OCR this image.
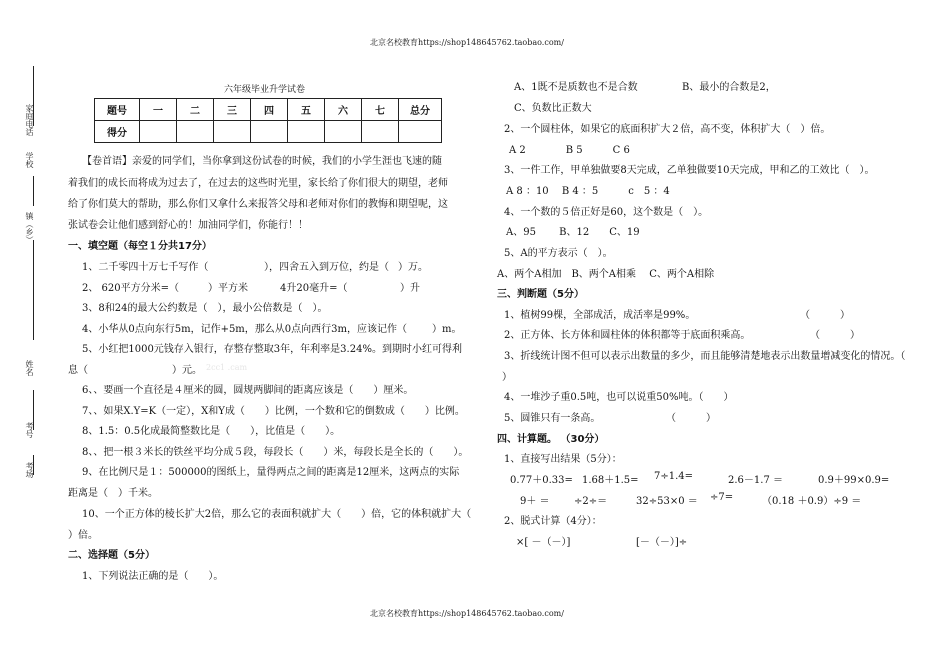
北京名校教育https://shop148645762.taobao.com/
北京名校教育https://shop148645762.taobao.com/
家庭电话
学校
镇（乡）
姓名
考号
考场
六年级毕业升学试卷
题号	一	二	三	四	五	六	七	总分
得分								
【卷首语】亲爱的同学们，当你拿到这份试卷的时候，我们的小学生涯也飞速的随
着我们的成长而将成为过去了，在过去的这些时光里，家长给了你们很大的期望，老师
给了你们莫大的帮助，那么你们又拿什么来报答父母和老师对你们的教悔和期望呢，这
张试卷会让他们感到舒心的！加油同学们，你能行！！
一、填空题（每空１分共17分）
1、二千零四十万七千写作（	），四舍五入到万位，约是（ ）万。
2、 620平方分米=（	）平方米	4升20毫升=（	）升
3、8和24的最大公约数是（　），最小公倍数是（　）。
4、小华从0点向东行5m，记作+5m，那么从0点向西行3m，应该记作（	）m。
5、小红把1000元钱存入银行，存整存整取3年，年利率是3.24%。到期时小红可得利
息（	）元。 2cc1 .cam
6、、要画一个直径是４厘米的圆，圆规两脚间的距离应该是（　　）厘米。
7、、如果X.Y=K（一定），X和Y成（　　）比例，一个数和它的倒数成（　　）比例。
8、1.5：0.5化成最简整数比是（　　），比值是（　　）。
8、、把一根３米长的铁丝平均分成５段，每段长（　　）米，每段长是全长的（　　）。
9、在比例尺是１：500000的图纸上，量得两点之间的距离是12厘米，这两点的实际
距离是（　）千米。
10、一个正方体的棱长扩大2倍，那么它的表面积就扩大（　　）倍，它的体积就扩大（
）倍。
二、选择题（5分）
1、下列说法正确的是（　　）。
A、1既不是质数也不是合数	B、最小的合数是2，
C、负数比正数大
2、一个圆柱体，如果它的底面积扩大２倍，高不变，体积扩大（　）倍。
A 2　　　　B 5　　　C 6
3、一件工作，甲单独做要8天完成，乙单独做要10天完成，甲和乙的工效比（　）。
A 8 ：10　 B 4 ：5　　　c　5 ：4
4、一个数的５倍正好是60，这个数是（　）。
A、95　　 B、12　　C、19
5、A的平方表示（　）。
A、两个A相加　B、两个A相乘　 C、两个A相除
三、判断题（5分）
1、植树99棵，全部成活，成活率是99%。	（　　　）
2、正方体、长方体和圆柱体的体积都等于底面积乘高。	（　　　）
3、折线统计图不但可以表示出数量的多少，而且能够清楚地表示出数量增减变化的情况。（
）
4、一堆沙子重0.5吨，也可以说重50%吨。（　　）
5、圆锥只有一条高。	（　　　）
四、计算题。 （30分）
1、直接写出结果（5分）：
0.77＋0.33= 1.68＋1.5= 7÷1.4=	2.6－1.7 ＝	0.9＋99×0.9=
9＋ ＝ ÷2÷＝	32÷53×0 ＝ ÷7=	（0.18 ＋0.9）÷9 ＝
2、脱式计算（4分）：
×[ －（－）]	[－（－）]÷
